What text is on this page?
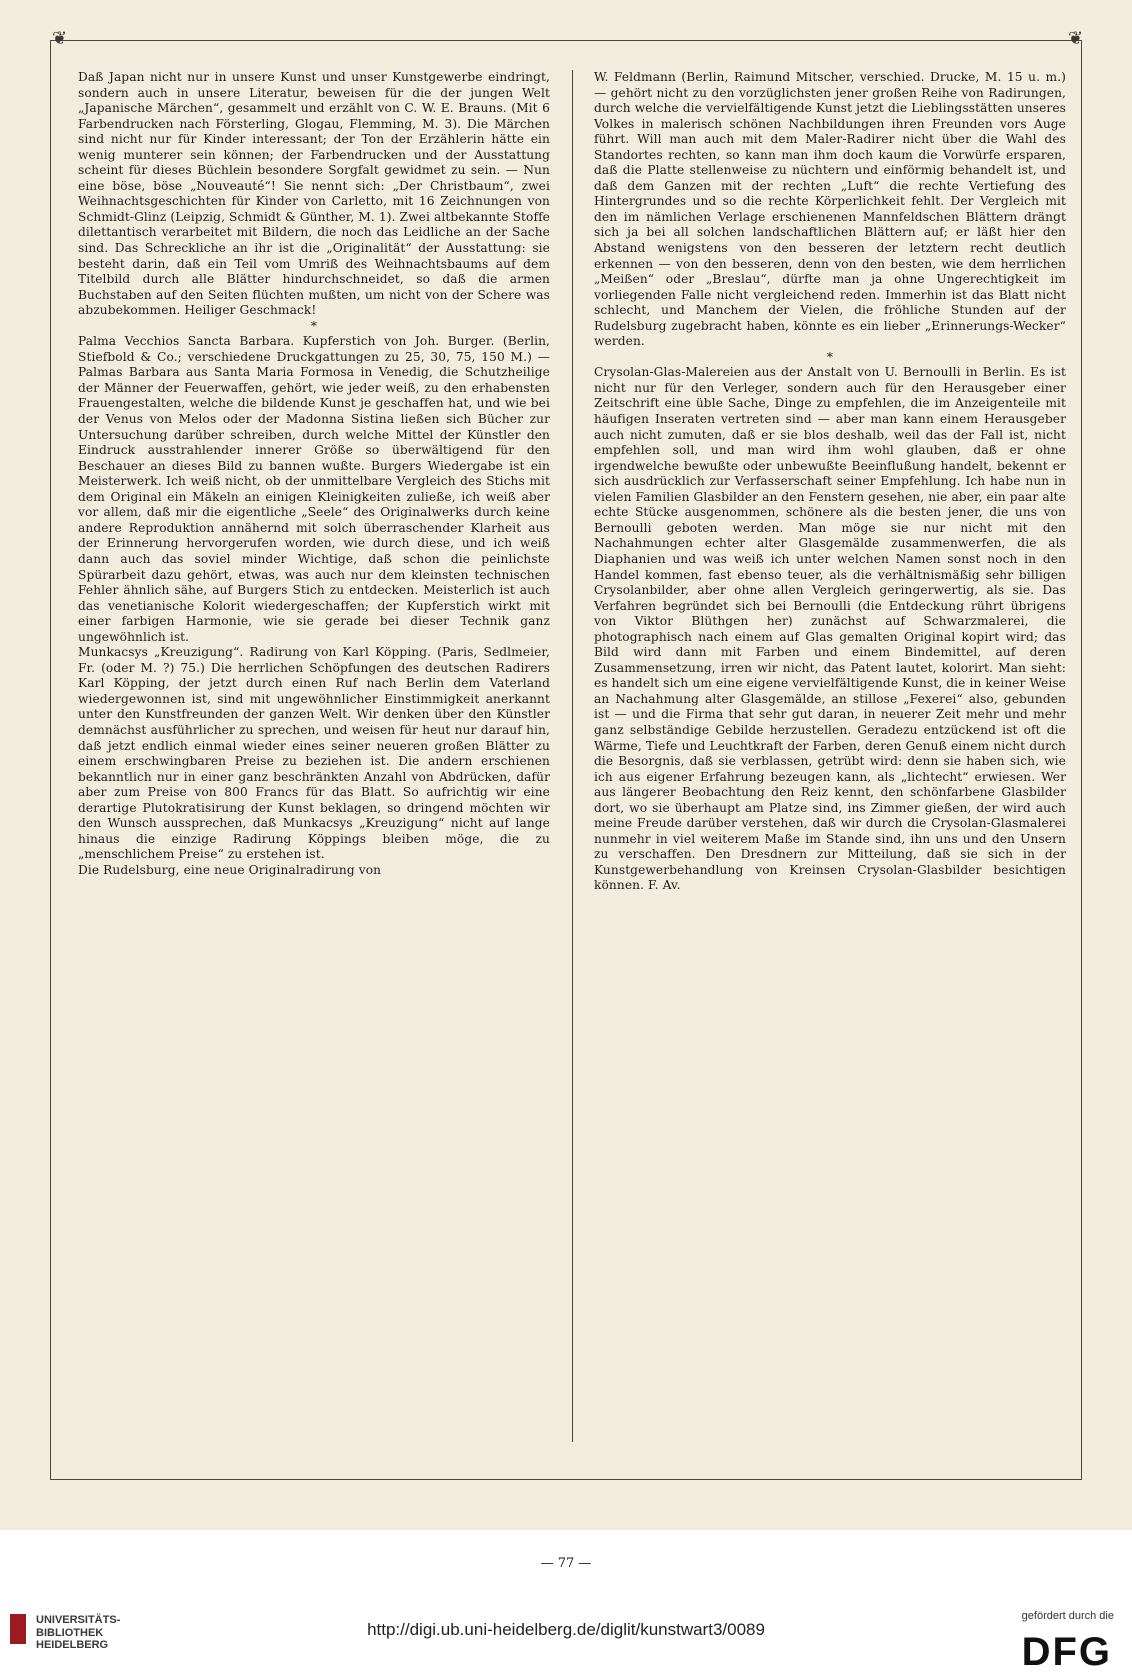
❦	❦

Daß Japan nicht nur in unsere Kunst und unser Kunstgewerbe eindringt, sondern auch in unsere Literatur, beweisen für die der jungen Welt „Japanische Märchen“, gesammelt und erzählt von C. W. E. Brauns. (Mit 6 Farbendrucken nach Försterling, Glogau, Flemming, M. 3). Die Märchen sind nicht nur für Kinder interessant; der Ton der Erzählerin hätte ein wenig munterer sein können; der Farbendrucken und der Ausstattung scheint für dieses Büchlein besondere Sorgfalt gewidmet zu sein. — Nun eine böse, böse „Nouveauté“! Sie nennt sich: „Der Christbaum“, zwei Weihnachtsgeschichten für Kinder von Carletto, mit 16 Zeichnungen von Schmidt-Glinz (Leipzig, Schmidt & Günther, M. 1). Zwei altbekannte Stoffe dilettantisch verarbeitet mit Bildern, die noch das Leidliche an der Sache sind. Das Schreckliche an ihr ist die „Originalität“ der Ausstattung: sie besteht darin, daß ein Teil vom Umriß des Weihnachtsbaums auf dem Titelbild durch alle Blätter hindurchschneidet, so daß die armen Buchstaben auf den Seiten flüchten mußten, um nicht von der Schere was abzubekommen. Heiliger Geschmack!

*

Palma Vecchios Sancta Barbara. Kupferstich von Joh. Burger. (Berlin, Stiefbold & Co.; verschiedene Druckgattungen zu 25, 30, 75, 150 M.) — Palmas Barbara aus Santa Maria Formosa in Venedig, die Schutzheilige der Männer der Feuerwaffen, gehört, wie jeder weiß, zu den erhabensten Frauengestalten, welche die bildende Kunst je geschaffen hat, und wie bei der Venus von Melos oder der Madonna Sistina ließen sich Bücher zur Untersuchung darüber schreiben, durch welche Mittel der Künstler den Eindruck ausstrahlender innerer Größe so überwältigend für den Beschauer an dieses Bild zu bannen wußte. Burgers Wiedergabe ist ein Meisterwerk. Ich weiß nicht, ob der unmittelbare Vergleich des Stichs mit dem Original ein Mäkeln an einigen Kleinigkeiten zuließe, ich weiß aber vor allem, daß mir die eigentliche „Seele“ des Originalwerks durch keine andere Reproduktion annähernd mit solch überraschender Klarheit aus der Erinnerung hervorgerufen worden, wie durch diese, und ich weiß dann auch das soviel minder Wichtige, daß schon die peinlichste Spürarbeit dazu gehört, etwas, was auch nur dem kleinsten technischen Fehler ähnlich sähe, auf Burgers Stich zu entdecken. Meisterlich ist auch das venetianische Kolorit wiedergeschaffen; der Kupferstich wirkt mit einer farbigen Harmonie, wie sie gerade bei dieser Technik ganz ungewöhnlich ist.

Munkacsys „Kreuzigung“. Radirung von Karl Köpping. (Paris, Sedlmeier, Fr. (oder M. ?) 75.) Die herrlichen Schöpfungen des deutschen Radirers Karl Köpping, der jetzt durch einen Ruf nach Berlin dem Vaterland wiedergewonnen ist, sind mit ungewöhnlicher Einstimmigkeit anerkannt unter den Kunstfreunden der ganzen Welt. Wir denken über den Künstler demnächst ausführlicher zu sprechen, und weisen für heut nur darauf hin, daß jetzt endlich einmal wieder eines seiner neueren großen Blätter zu einem erschwingbaren Preise zu beziehen ist. Die andern erschienen bekanntlich nur in einer ganz beschränkten Anzahl von Abdrücken, dafür aber zum Preise von 800 Francs für das Blatt. So aufrichtig wir eine derartige Plutokratisirung der Kunst beklagen, so dringend möchten wir den Wunsch aussprechen, daß Munkacsys „Kreuzigung“ nicht auf lange hinaus die einzige Radirung Köppings bleiben möge, die zu „menschlichem Preise“ zu erstehen ist.

Die Rudelsburg, eine neue Originalradirung von

W. Feldmann (Berlin, Raimund Mitscher, verschied. Drucke, M. 15 u. m.) — gehört nicht zu den vorzüglichsten jener großen Reihe von Radirungen, durch welche die vervielfältigende Kunst jetzt die Lieblingsstätten unseres Volkes in malerisch schönen Nachbildungen ihren Freunden vors Auge führt. Will man auch mit dem Maler-Radirer nicht über die Wahl des Standortes rechten, so kann man ihm doch kaum die Vorwürfe ersparen, daß die Platte stellenweise zu nüchtern und einförmig behandelt ist, und daß dem Ganzen mit der rechten „Luft“ die rechte Vertiefung des Hintergrundes und so die rechte Körperlichkeit fehlt. Der Vergleich mit den im nämlichen Verlage erschienenen Mannfeldschen Blättern drängt sich ja bei all solchen landschaftlichen Blättern auf; er läßt hier den Abstand wenigstens von den besseren der letztern recht deutlich erkennen — von den besseren, denn von den besten, wie dem herrlichen „Meißen“ oder „Breslau“, dürfte man ja ohne Ungerechtigkeit im vorliegenden Falle nicht vergleichend reden. Immerhin ist das Blatt nicht schlecht, und Manchem der Vielen, die fröhliche Stunden auf der Rudelsburg zugebracht haben, könnte es ein lieber „Erinnerungs-Wecker“ werden.

*

Crysolan-Glas-Malereien aus der Anstalt von U. Bernoulli in Berlin. Es ist nicht nur für den Verleger, sondern auch für den Herausgeber einer Zeitschrift eine üble Sache, Dinge zu empfehlen, die im Anzeigenteile mit häufigen Inseraten vertreten sind — aber man kann einem Herausgeber auch nicht zumuten, daß er sie blos deshalb, weil das der Fall ist, nicht empfehlen soll, und man wird ihm wohl glauben, daß er ohne irgendwelche bewußte oder unbewußte Beeinflußung handelt, bekennt er sich ausdrücklich zur Verfasserschaft seiner Empfehlung. Ich habe nun in vielen Familien Glasbilder an den Fenstern gesehen, nie aber, ein paar alte echte Stücke ausgenommen, schönere als die besten jener, die uns von Bernoulli geboten werden. Man möge sie nur nicht mit den Nachahmungen echter alter Glasgemälde zusammenwerfen, die als Diaphanien und was weiß ich unter welchen Namen sonst noch in den Handel kommen, fast ebenso teuer, als die verhältnismäßig sehr billigen Crysolanbilder, aber ohne allen Vergleich geringerwertig, als sie. Das Verfahren begründet sich bei Bernoulli (die Entdeckung rührt übrigens von Viktor Blüthgen her) zunächst auf Schwarzmalerei, die photographisch nach einem auf Glas gemalten Original kopirt wird; das Bild wird dann mit Farben und einem Bindemittel, auf deren Zusammensetzung, irren wir nicht, das Patent lautet, kolorirt. Man sieht: es handelt sich um eine eigene vervielfältigende Kunst, die in keiner Weise an Nachahmung alter Glasgemälde, an stillose „Fexerei“ also, gebunden ist — und die Firma that sehr gut daran, in neuerer Zeit mehr und mehr ganz selbständige Gebilde herzustellen. Geradezu entzückend ist oft die Wärme, Tiefe und Leuchtkraft der Farben, deren Genuß einem nicht durch die Besorgnis, daß sie verblassen, getrübt wird: denn sie haben sich, wie ich aus eigener Erfahrung bezeugen kann, als „lichtecht“ erwiesen. Wer aus längerer Beobachtung den Reiz kennt, den schönfarbene Glasbilder dort, wo sie überhaupt am Platze sind, ins Zimmer gießen, der wird auch meine Freude darüber verstehen, daß wir durch die Crysolan-Glasmalerei nunmehr in viel weiterem Maße im Stande sind, ihn uns und den Unsern zu verschaffen. Den Dresdnern zur Mitteilung, daß sie sich in der Kunstgewerbehandlung von Kreinsen Crysolan-Glasbilder besichtigen können. F. Av.

— 77 —
UNIVERSITÄTS-
BIBLIOTHEK
HEIDELBERG
http://digi.ub.uni-heidelberg.de/diglit/kunstwart3/0089
gefördert durch die
DFG
